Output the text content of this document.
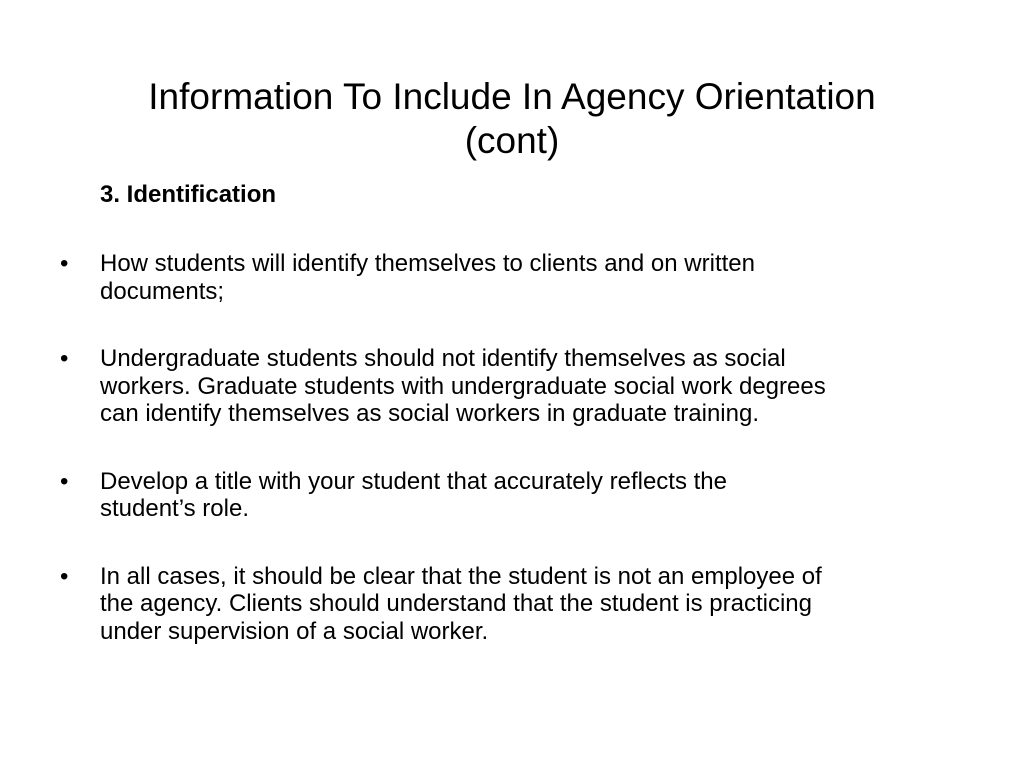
Information To Include In Agency Orientation
(cont)
3. Identification
• How students will identify themselves to clients and on written
documents;
• Undergraduate students should not identify themselves as social
workers. Graduate students with undergraduate social work degrees
can identify themselves as social workers in graduate training.
• Develop a title with your student that accurately reflects the
student’s role.
• In all cases, it should be clear that the student is not an employee of
the agency. Clients should understand that the student is practicing
under supervision of a social worker.
